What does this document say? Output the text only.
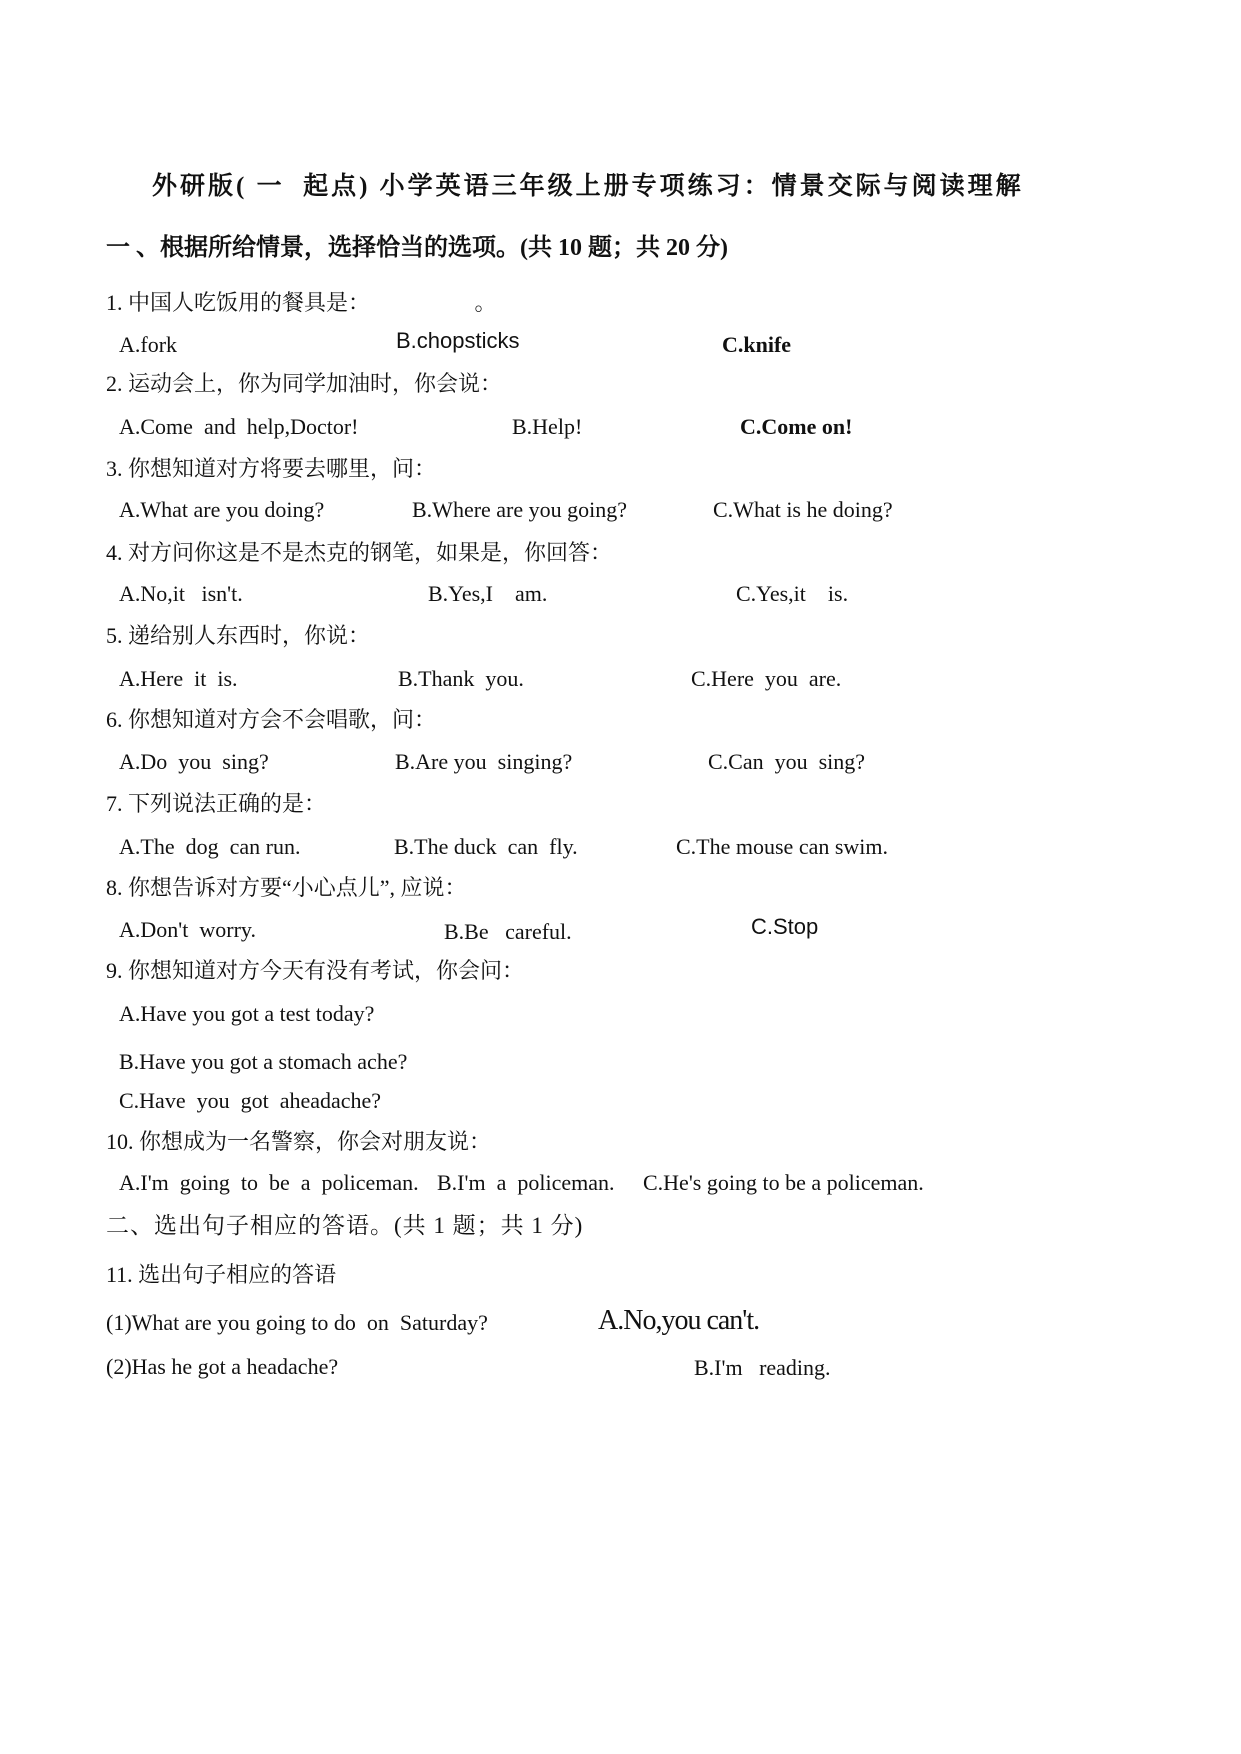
外研版( 一  起点) 小学英语三年级上册专项练习：情景交际与阅读理解
一 、根据所给情景，选择恰当的选项。(共 10 题；共 20 分)
1. 中国人吃饭用的餐具是：                   。
A.fork	B.chopsticks	C.knife
2. 运动会上，你为同学加油时，你会说：
A.Come  and  help,Doctor!	B.Help!	C.Come on!
3. 你想知道对方将要去哪里，问：
A.What are you doing?	B.Where are you going?	C.What is he doing?
4. 对方问你这是不是杰克的钢笔，如果是，你回答：
A.No,it   isn't.	B.Yes,I    am.	C.Yes,it    is.
5. 递给别人东西时，你说：
A.Here  it  is.	B.Thank  you.	C.Here  you  are.
6. 你想知道对方会不会唱歌，问：
A.Do  you  sing?	B.Are you  singing?	C.Can  you  sing?
7. 下列说法正确的是：
A.The  dog  can run.	B.The duck  can  fly.	C.The mouse can swim.
8. 你想告诉对方要“小心点儿”, 应说：
A.Don't  worry.	B.Be   careful.	C.Stop
9. 你想知道对方今天有没有考试，你会问：
A.Have you got a test today?
B.Have you got a stomach ache?
C.Have  you  got  aheadache?
10. 你想成为一名警察，你会对朋友说：
A.I'm  going  to  be  a  policeman. B.I'm  a  policeman. C.He's going to be a policeman.
二、选出句子相应的答语。(共 1 题；共 1 分)
11. 选出句子相应的答语
(1)What are you going to do  on  Saturday?	A.No,you can't.
(2)Has he got a headache?	B.I'm   reading.
